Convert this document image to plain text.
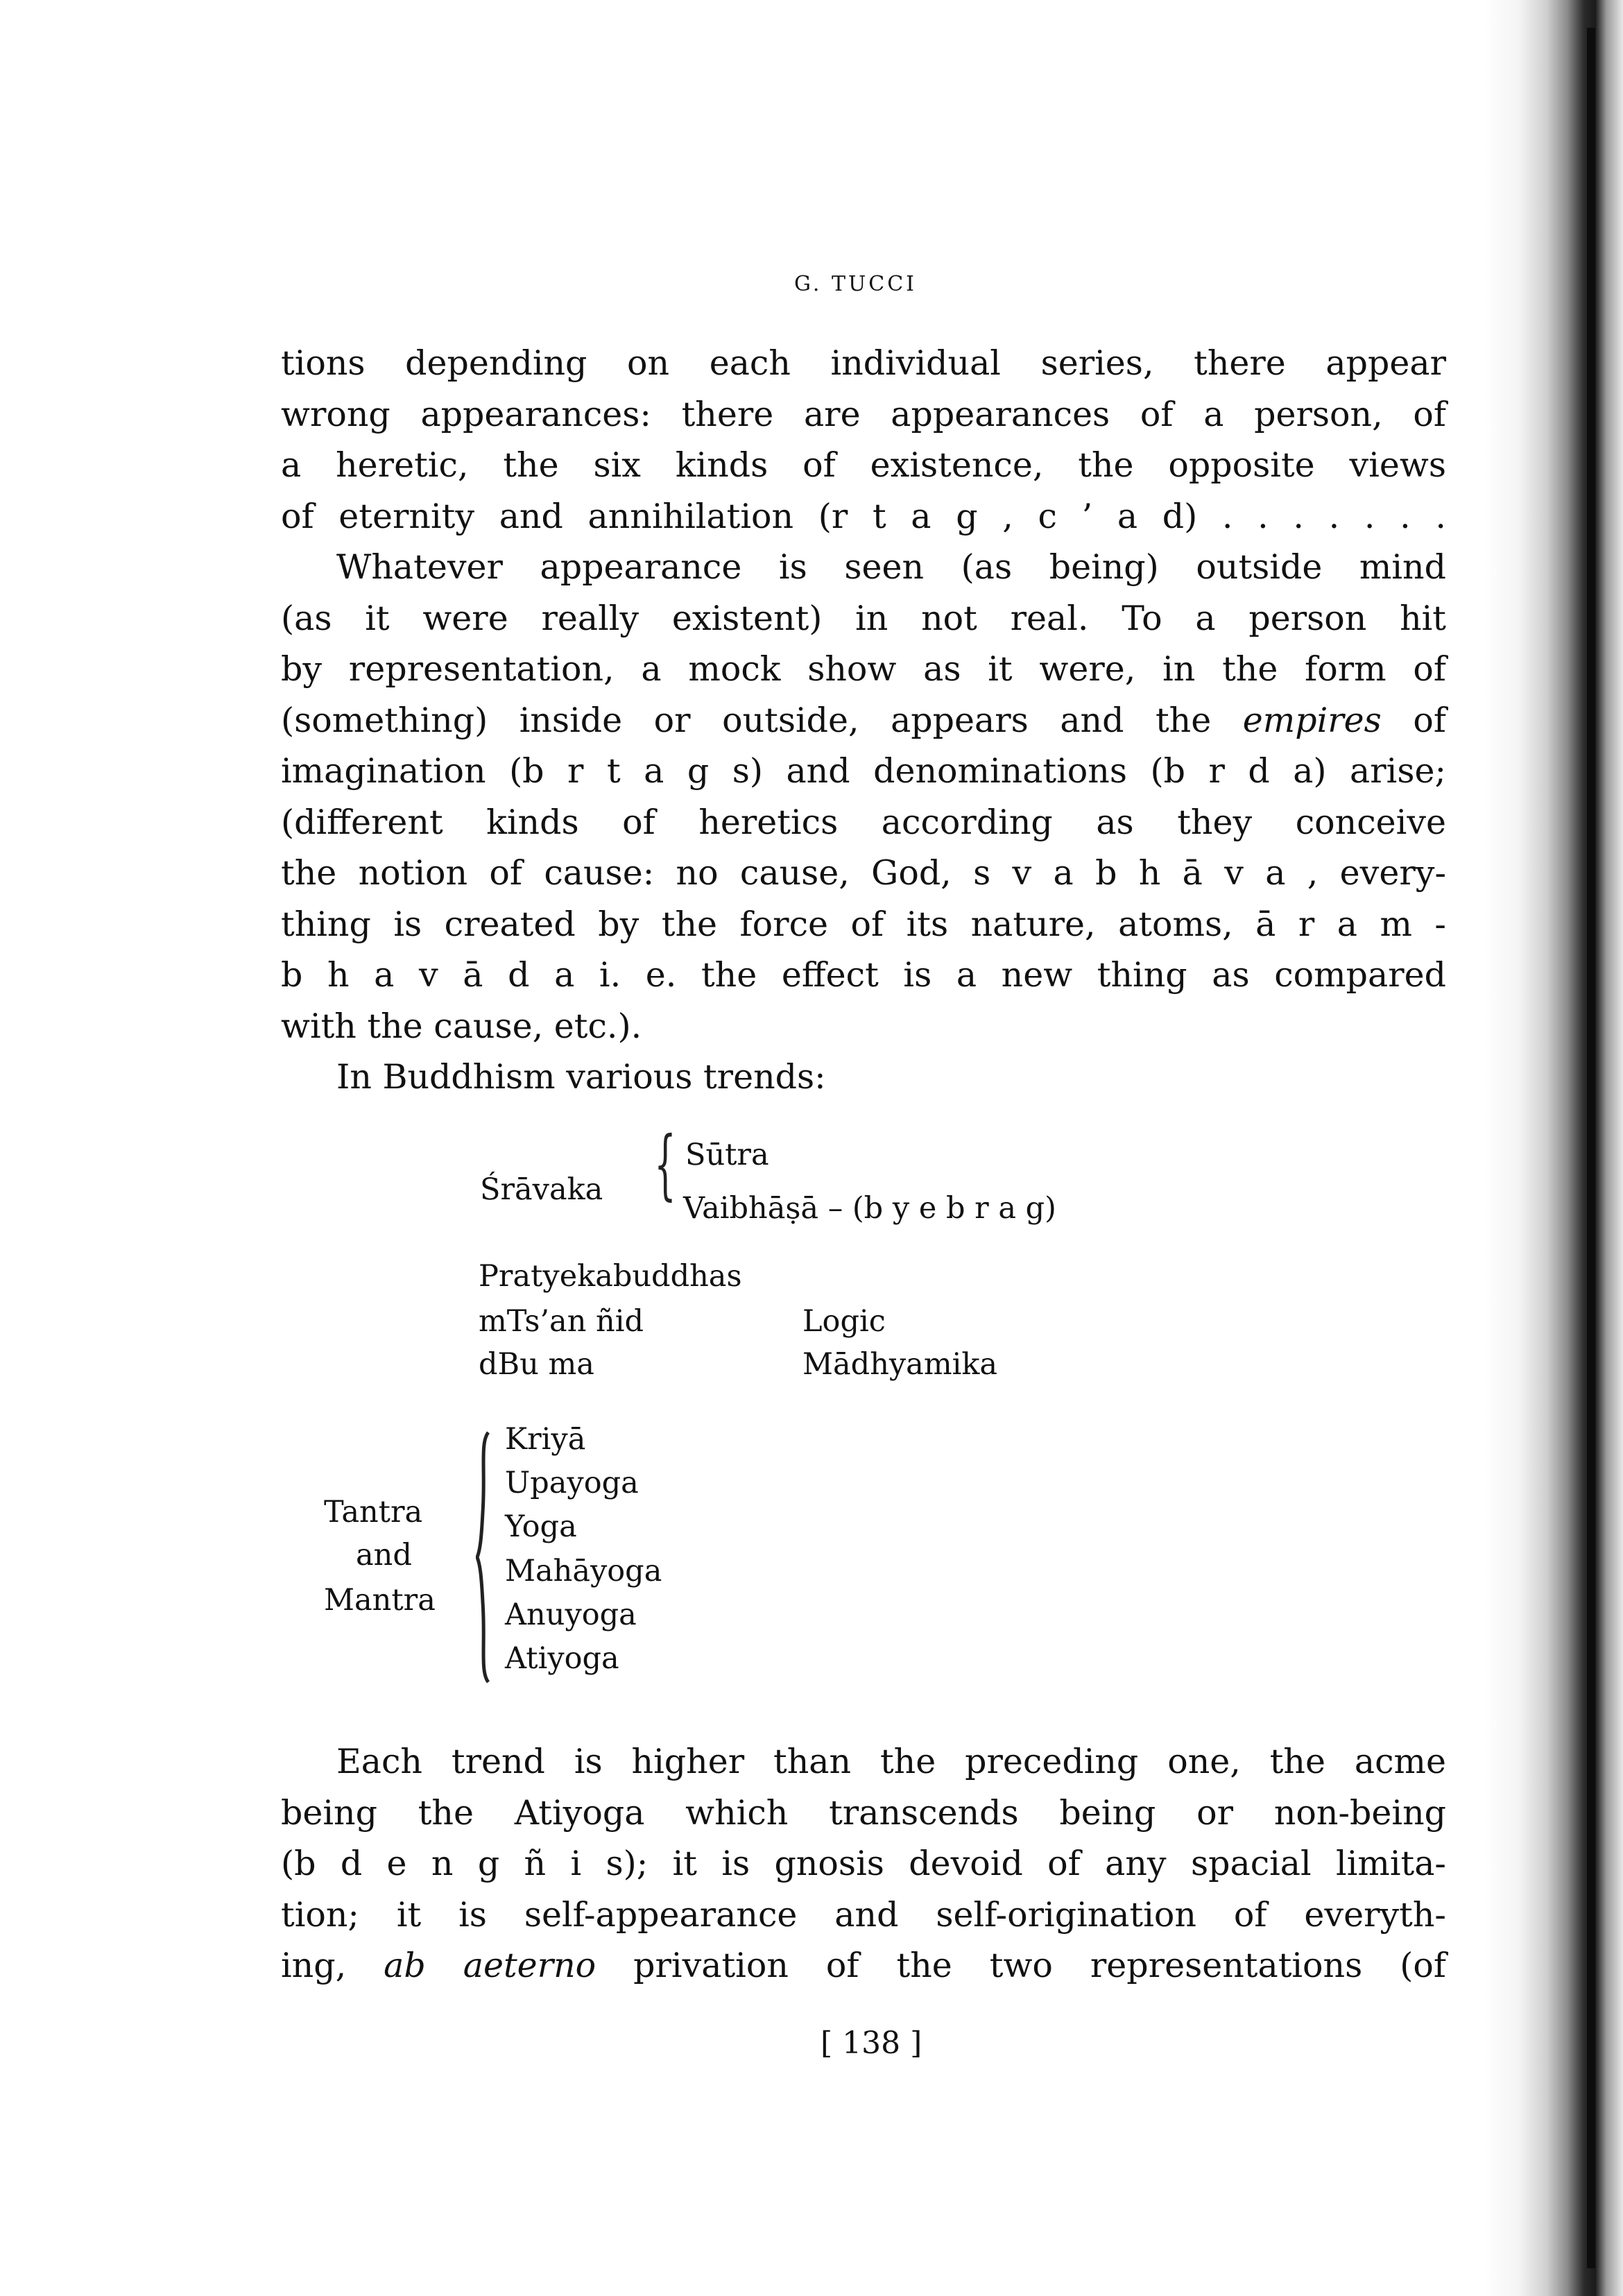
G. TUCCI
tions depending on each individual series, there appear
wrong appearances: there are appearances of a person, of
a heretic, the six kinds of existence, the opposite views
of eternity and annihilation (r t a g , c ’ a d) . . . . . . .
Whatever appearance is seen (as being) outside mind
(as it were really existent) in not real. To a person hit
by representation, a mock show as it were, in the form of
(something) inside or outside, appears and the empires of
imagination (b r t a g s) and denominations (b r d a) arise;
(different kinds of heretics according as they conceive
the notion of cause: no cause, God, s v a b h ā v a , every-
thing is created by the force of its nature, atoms, ā r a m -
b h a v ā d a i. e. the effect is a new thing as compared
with the cause, etc.).
In Buddhism various trends:
Śrāvaka { Sūtra
Vaibhāṣā – (b y e b r a g)
Pratyekabuddhas
mTs’an ñid	Logic
dBu ma	Mādhyamika
Tantra
and
Mantra
Kriyā
Upayoga
Yoga
Mahāyoga
Anuyoga
Atiyoga
Each trend is higher than the preceding one, the acme
being the Atiyoga which transcends being or non-being
(b d e n g ñ i s); it is gnosis devoid of any spacial limita-
tion; it is self-appearance and self-origination of everyth-
ing, ab aeterno privation of the two representations (of
[ 138 ]
